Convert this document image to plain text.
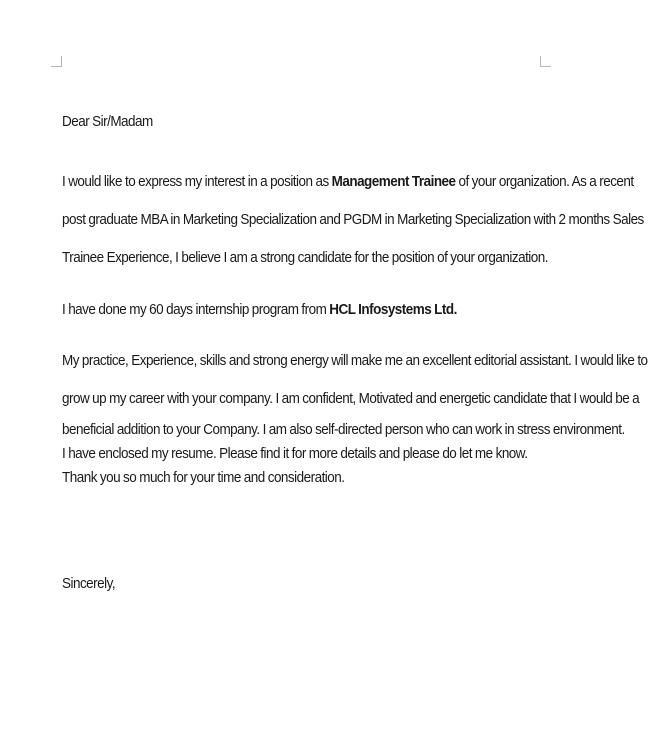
Dear Sir/Madam

I would like to express my interest in a position as Management Trainee of your organization. As a recent

post graduate MBA in Marketing Specialization and PGDM in Marketing Specialization with 2 months Sales

Trainee Experience, I believe I am a strong candidate for the position of your organization.

I have done my 60 days internship program from HCL Infosystems Ltd.

My practice, Experience, skills and strong energy will make me an excellent editorial assistant. I would like to

grow up my career with your company. I am confident, Motivated and energetic candidate that I would be a

beneficial addition to your Company. I am also self-directed person who can work in stress environment.

I have enclosed my resume. Please find it for more details and please do let me know.

Thank you so much for your time and consideration.

Sincerely,
